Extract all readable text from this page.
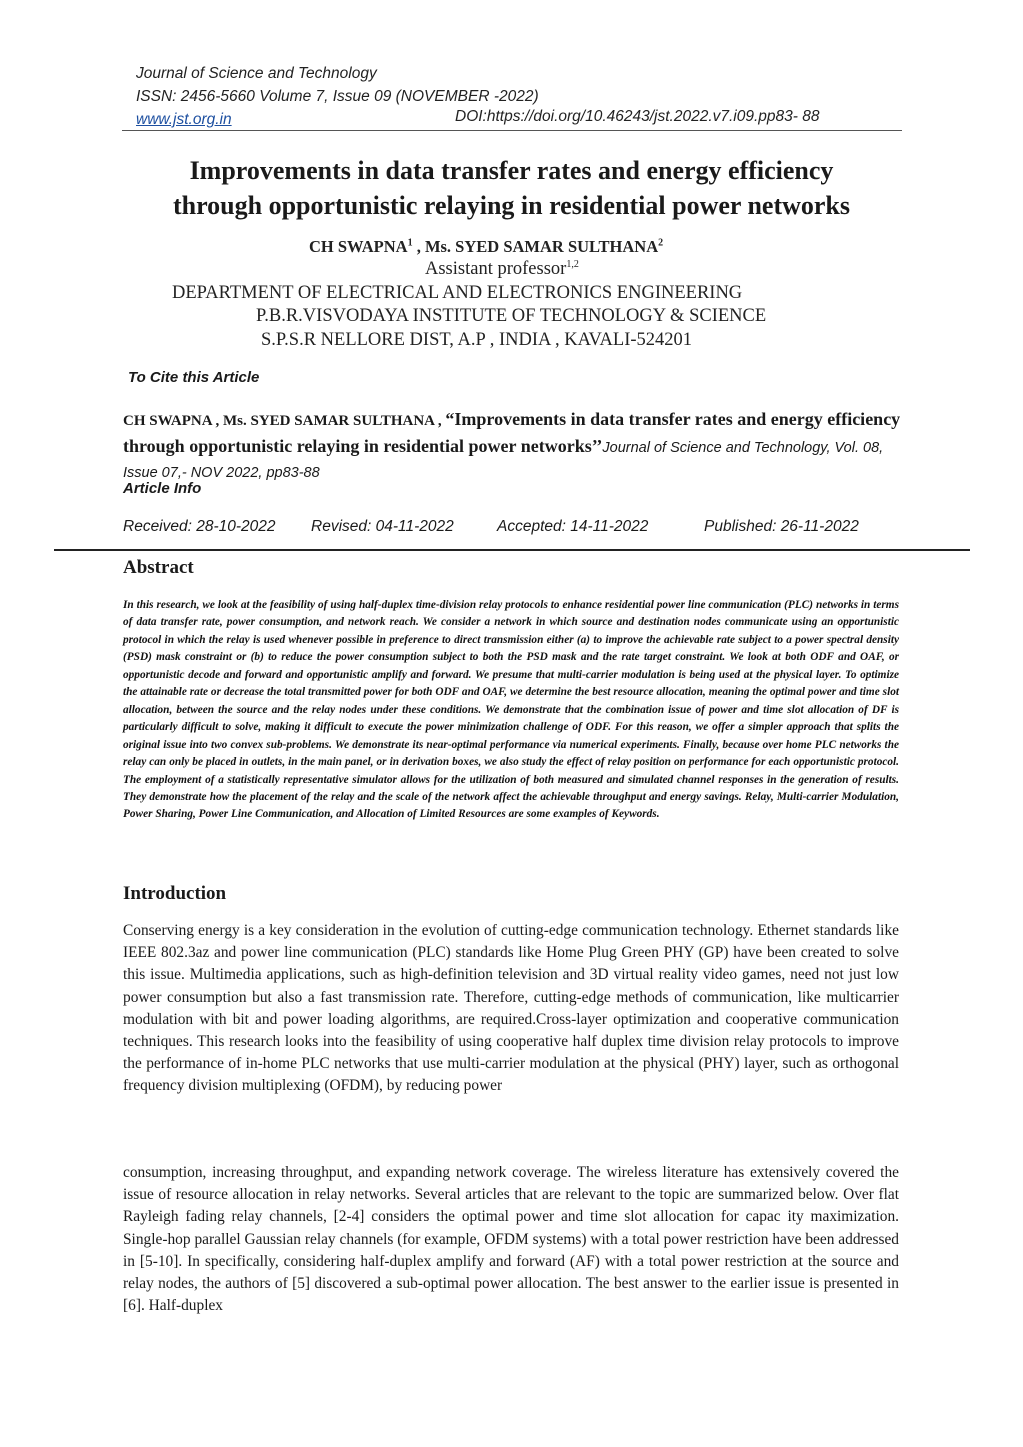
Journal of Science and Technology
ISSN: 2456-5660 Volume 7, Issue 09 (NOVEMBER -2022)
www.jst.org.in	DOI:https://doi.org/10.46243/jst.2022.v7.i09.pp83- 88
Improvements in data transfer rates and energy efficiency
through opportunistic relaying in residential power networks
CH SWAPNA$^1$ , Ms. SYED SAMAR SULTHANA$^2$
Assistant professor$^{1,2}$
DEPARTMENT OF ELECTRICAL AND ELECTRONICS ENGINEERING
P.B.R.VISVODAYA INSTITUTE OF TECHNOLOGY & SCIENCE
S.P.S.R NELLORE DIST, A.P , INDIA , KAVALI-524201
To Cite this Article
CH SWAPNA , Ms. SYED SAMAR SULTHANA , “Improvements in data transfer rates and energy efficiency through opportunistic relaying in residential power networks’’Journal of Science and Technology, Vol. 08, Issue 07,- NOV 2022, pp83-88
Article Info
Received: 28-10-2022 Revised: 04-11-2022	Accepted: 14-11-2022	Published: 26-11-2022
Abstract
In this research, we look at the feasibility of using half-duplex time-division relay protocols to enhance residential power line communication (PLC) networks in terms of data transfer rate, power consumption, and network reach. We consider a network in which source and destination nodes communicate using an opportunistic protocol in which the relay is used whenever possible in preference to direct transmission either (a) to improve the achievable rate subject to a power spectral density (PSD) mask constraint or (b) to reduce the power consumption subject to both the PSD mask and the rate target constraint. We look at both ODF and OAF, or opportunistic decode and forward and opportunistic amplify and forward. We presume that multi-carrier modulation is being used at the physical layer. To optimize the attainable rate or decrease the total transmitted power for both ODF and OAF, we determine the best resource allocation, meaning the optimal power and time slot allocation, between the source and the relay nodes under these conditions. We demonstrate that the combination issue of power and time slot allocation of DF is particularly difficult to solve, making it difficult to execute the power minimization challenge of ODF. For this reason, we offer a simpler approach that splits the original issue into two convex sub-problems. We demonstrate its near-optimal performance via numerical experiments. Finally, because over home PLC networks the relay can only be placed in outlets, in the main panel, or in derivation boxes, we also study the effect of relay position on performance for each opportunistic protocol. The employment of a statistically representative simulator allows for the utilization of both measured and simulated channel responses in the generation of results. They demonstrate how the placement of the relay and the scale of the network affect the achievable throughput and energy savings. Relay, Multi-carrier Modulation, Power Sharing, Power Line Communication, and Allocation of Limited Resources are some examples of Keywords.
Introduction
Conserving energy is a key consideration in the evolution of cutting-edge communication technology. Ethernet standards like IEEE 802.3az and power line communication (PLC) standards like Home Plug Green PHY (GP) have been created to solve this issue. Multimedia applications, such as high-definition television and 3D virtual reality video games, need not just low power consumption but also a fast transmission rate. Therefore, cutting-edge methods of communication, like multicarrier modulation with bit and power loading algorithms, are required.Cross-layer optimization and cooperative communication techniques. This research looks into the feasibility of using cooperative half duplex time division relay protocols to improve the performance of in-home PLC networks that use multi-carrier modulation at the physical (PHY) layer, such as orthogonal frequency division multiplexing (OFDM), by reducing power
consumption, increasing throughput, and expanding network coverage. The wireless literature has extensively covered the issue of resource allocation in relay networks. Several articles that are relevant to the topic are summarized below. Over flat Rayleigh fading relay channels, [2-4] considers the optimal power and time slot allocation for capac ity maximization. Single-hop parallel Gaussian relay channels (for example, OFDM systems) with a total power restriction have been addressed in [5-10]. In specifically, considering half-duplex amplify and forward (AF) with a total power restriction at the source and relay nodes, the authors of [5] discovered a sub-optimal power allocation. The best answer to the earlier issue is presented in [6]. Half-duplex
